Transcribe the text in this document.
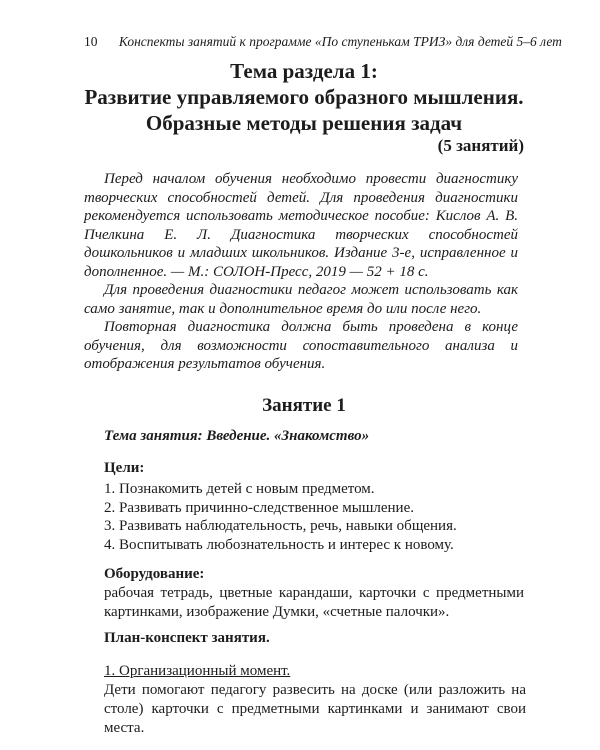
10 Конспекты занятий к программе «По ступенькам ТРИЗ» для детей 5–6 лет
Тема раздела 1:
Развитие управляемого образного мышления.
Образные методы решения задач
(5 занятий)

Перед началом обучения необходимо провести диагностику творческих способностей детей. Для проведения диагностики рекомендуется использовать методическое пособие: Кислов А. В. Пчелкина Е. Л. Диагностика творческих способностей дошкольников и младших школьников. Издание 3-е, исправленное и дополненное. — М.: СОЛОН-Пресс, 2019 — 52 + 18 с.

Для проведения диагностики педагог может использовать как само занятие, так и дополнительное время до или после него.

Повторная диагностика должна быть проведена в конце обучения, для возможности сопоставительного анализа и отображения результатов обучения.

Занятие 1
Тема занятия: Введение. «Знакомство»
Цели:
1. Познакомить детей с новым предметом.
2. Развивать причинно-следственное мышление.
3. Развивать наблюдательность, речь, навыки общения.
4. Воспитывать любознательность и интерес к новому.
Оборудование:
рабочая тетрадь, цветные карандаши, карточки с предметными картинками, изображение Думки, «счетные палочки».
План-конспект занятия.
1. Организационный момент.
Дети помогают педагогу развесить на доске (или разложить на столе) карточки с предметными картинками и занимают свои места.
